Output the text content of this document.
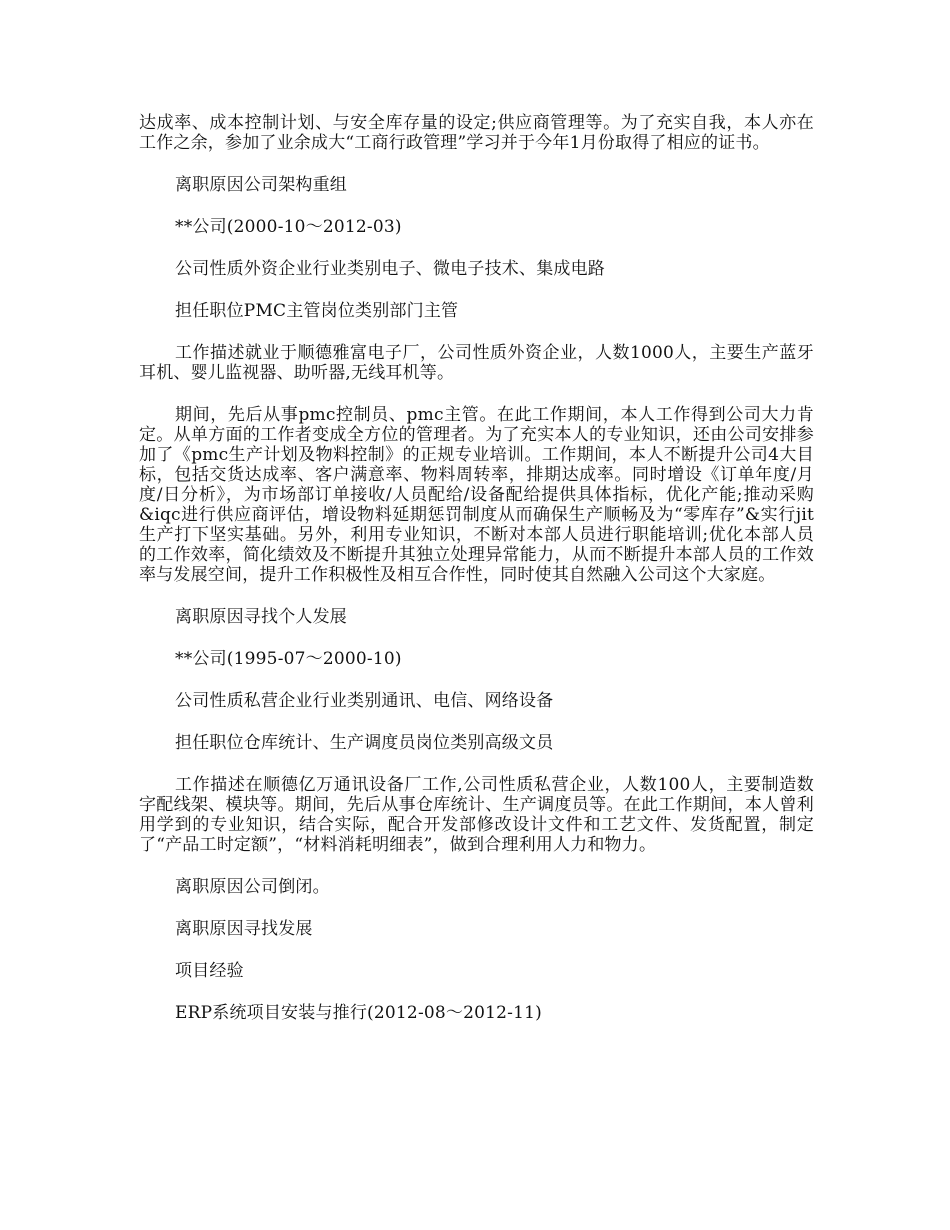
达成率、成本控制计划、与安全库存量的设定;供应商管理等。为了充实自我，本人亦在工作之余，参加了业余成大“工商行政管理”学习并于今年1月份取得了相应的证书。

离职原因公司架构重组

**公司(2000-10～2012-03)

公司性质外资企业行业类别电子、微电子技术、集成电路

担任职位PMC主管岗位类别部门主管

工作描述就业于顺德雅富电子厂，公司性质外资企业，人数1000人，主要生产蓝牙耳机、婴儿监视器、助听器,无线耳机等。

期间，先后从事pmc控制员、pmc主管。在此工作期间，本人工作得到公司大力肯定。从单方面的工作者变成全方位的管理者。为了充实本人的专业知识，还由公司安排参加了《pmc生产计划及物料控制》的正规专业培训。工作期间，本人不断提升公司4大目标，包括交货达成率、客户满意率、物料周转率，排期达成率。同时增设《订单年度/月度/日分析》，为市场部订单接收/人员配给/设备配给提供具体指标，优化产能;推动采购&iqc进行供应商评估，增设物料延期惩罚制度从而确保生产顺畅及为“零库存”&实行jit生产打下坚实基础。另外，利用专业知识，不断对本部人员进行职能培训;优化本部人员的工作效率，简化绩效及不断提升其独立处理异常能力，从而不断提升本部人员的工作效率与发展空间，提升工作积极性及相互合作性，同时使其自然融入公司这个大家庭。

离职原因寻找个人发展

**公司(1995-07～2000-10)

公司性质私营企业行业类别通讯、电信、网络设备

担任职位仓库统计、生产调度员岗位类别高级文员

工作描述在顺德亿万通讯设备厂工作,公司性质私营企业，人数100人，主要制造数字配线架、模块等。期间，先后从事仓库统计、生产调度员等。在此工作期间，本人曾利用学到的专业知识，结合实际，配合开发部修改设计文件和工艺文件、发货配置，制定了“产品工时定额”，“材料消耗明细表”，做到合理利用人力和物力。

离职原因公司倒闭。

离职原因寻找发展

项目经验

ERP系统项目安装与推行(2012-08～2012-11)
